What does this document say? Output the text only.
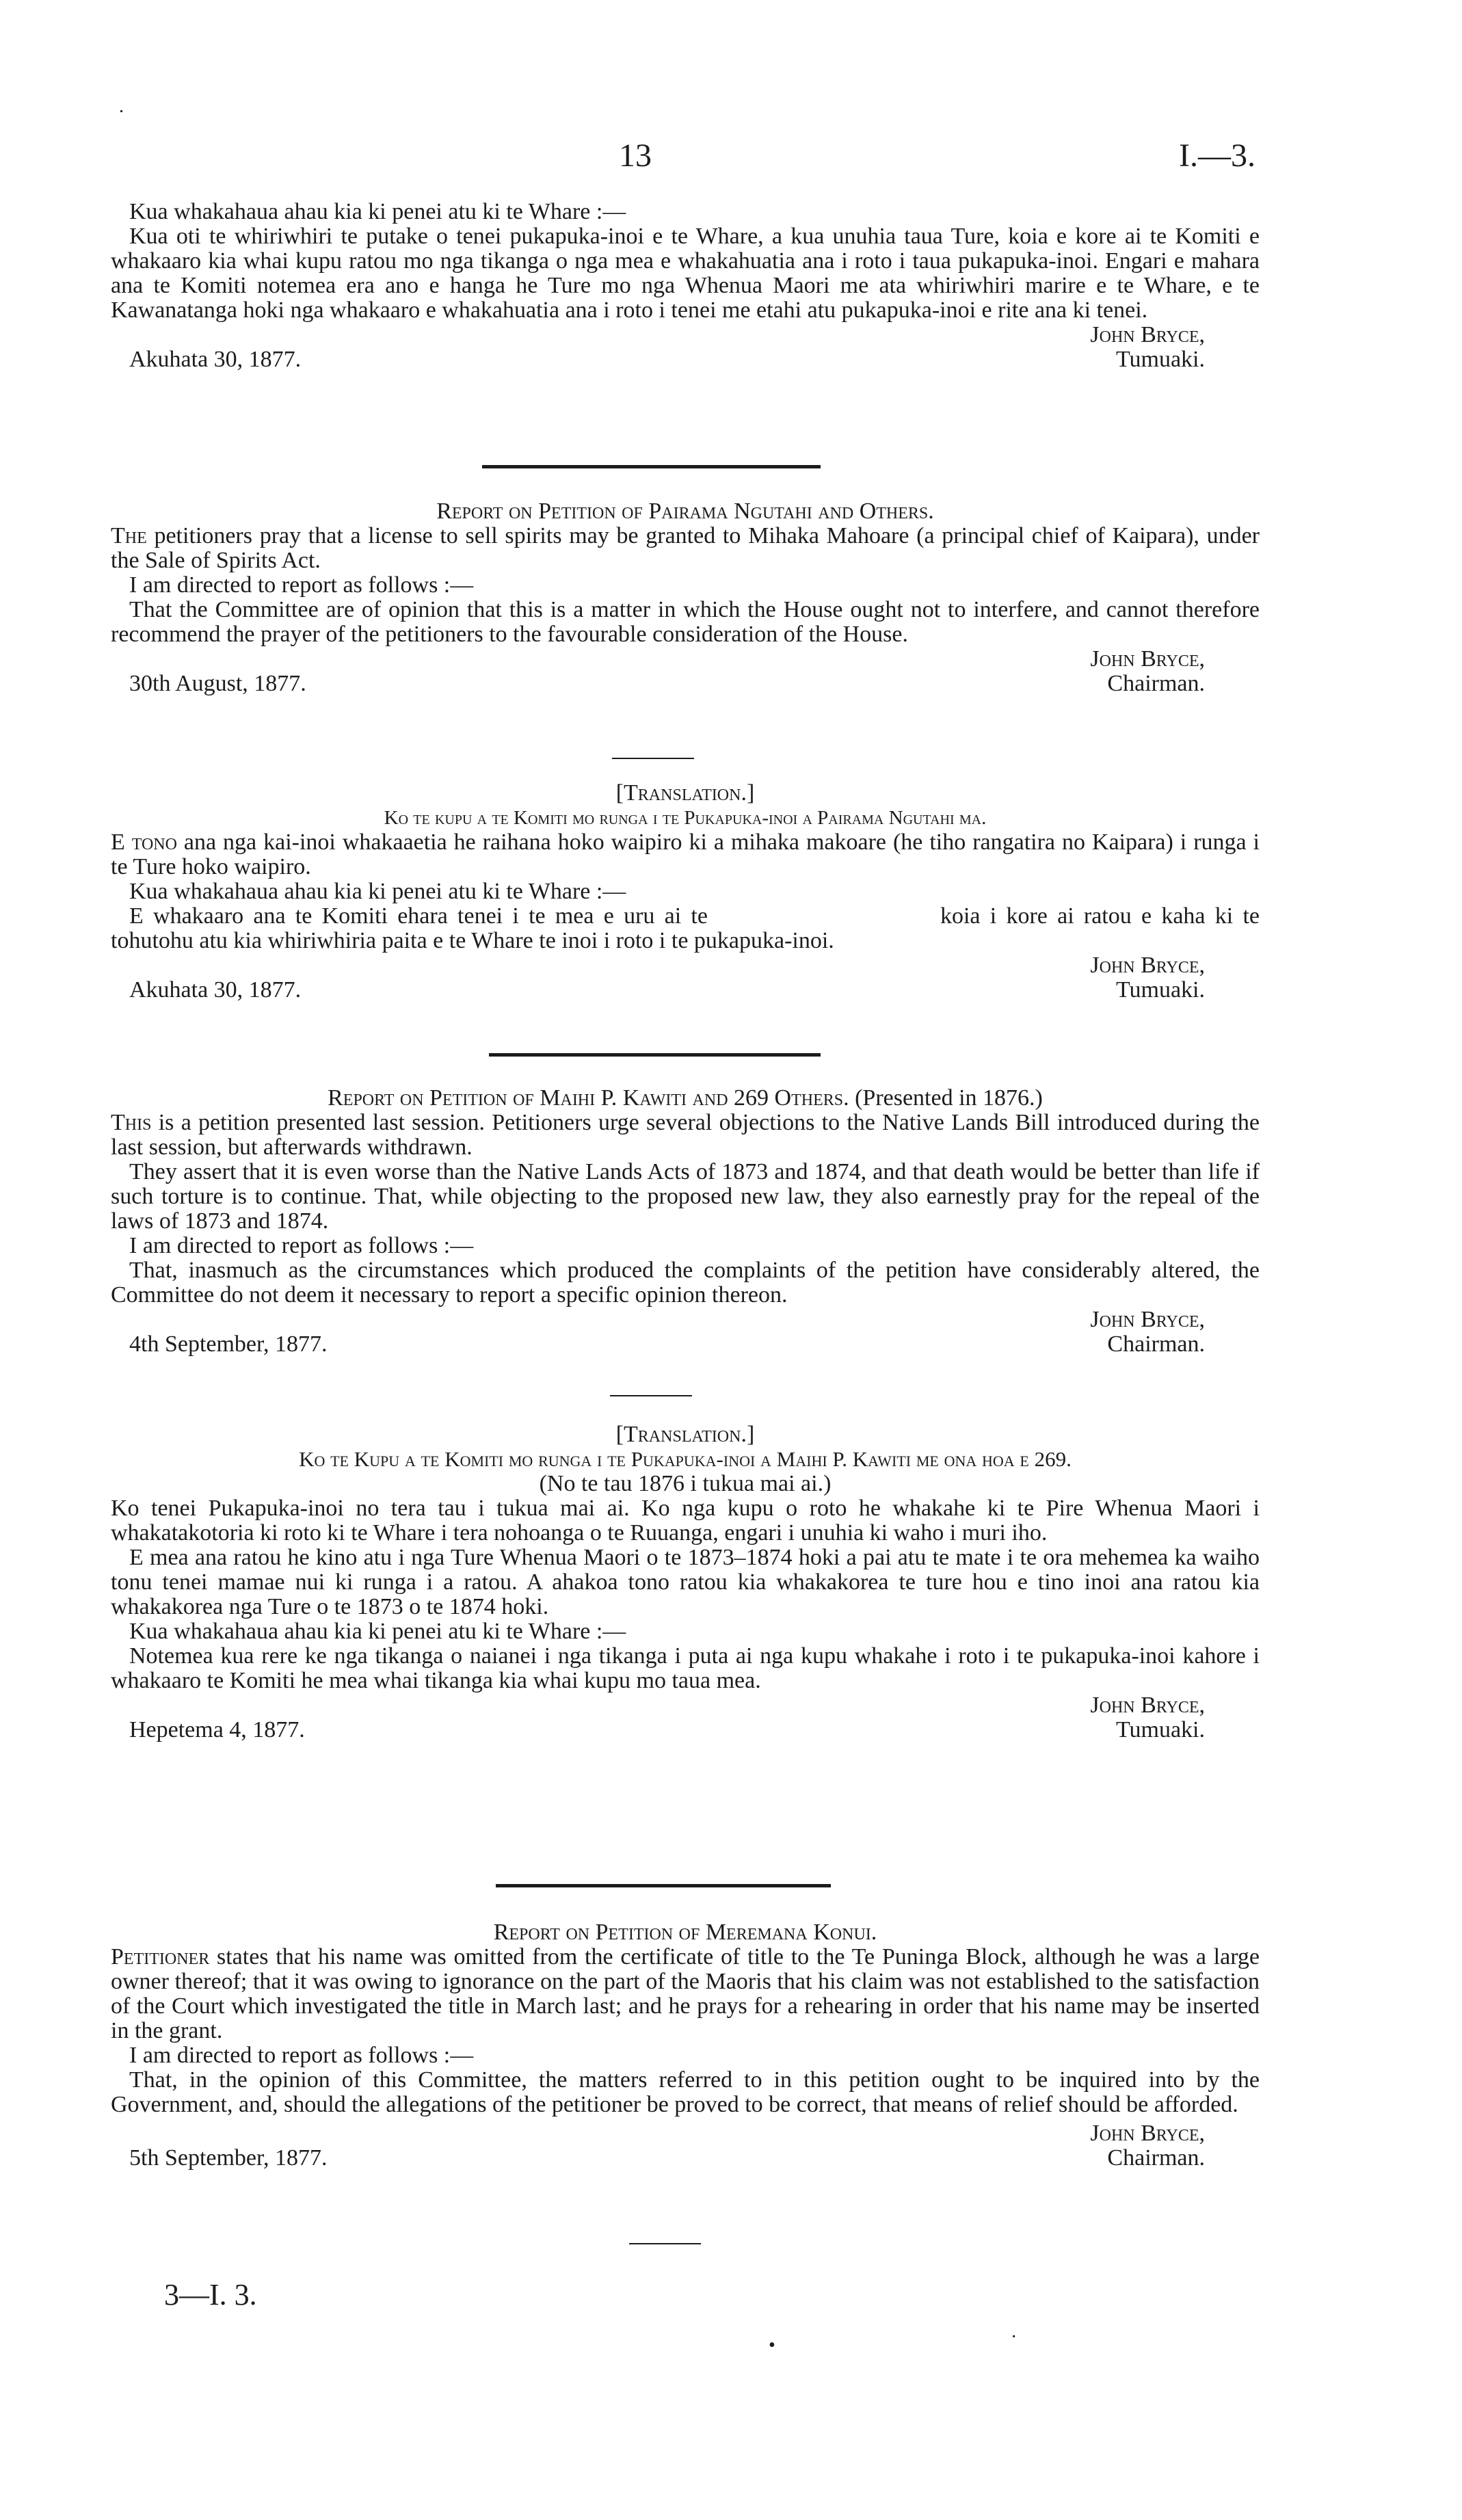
.
13	I.—3.

Kua whakahaua ahau kia ki penei atu ki te Whare :—

Kua oti te whiriwhiri te putake o tenei pukapuka-inoi e te Whare, a kua unuhia taua Ture, koia e kore ai te Komiti e whakaaro kia whai kupu ratou mo nga tikanga o nga mea e whakahuatia ana i roto i taua pukapuka-inoi. Engari e mahara ana te Komiti notemea era ano e hanga he Ture mo nga Whenua Maori me ata whiriwhiri marire e te Whare, e te Kawanatanga hoki nga whakaaro e whakahuatia ana i roto i tenei me etahi atu pukapuka-inoi e rite ana ki tenei.

John Bryce,
Akuhata 30, 1877.	Tumuaki.

Report on Petition of Pairama Ngutahi and Others.

The petitioners pray that a license to sell spirits may be granted to Mihaka Mahoare (a principal chief of Kaipara), under the Sale of Spirits Act.

I am directed to report as follows :—

That the Committee are of opinion that this is a matter in which the House ought not to interfere, and cannot therefore recommend the prayer of the petitioners to the favourable consideration of the House.

John Bryce,
30th August, 1877.	Chairman.

[Translation.]

Ko te kupu a te Komiti mo runga i te Pukapuka-inoi a Pairama Ngutahi ma.

E tono ana nga kai-inoi whakaaetia he raihana hoko waipiro ki a mihaka makoare (he tiho rangatira no Kaipara) i runga i te Ture hoko waipiro.

Kua whakahaua ahau kia ki penei atu ki te Whare :—

E whakaaro ana te Komiti ehara tenei i te mea e uru ai te	koia i kore ai ratou e kaha ki te tohutohu atu kia whiriwhiria paita e te Whare te inoi i roto i te pukapuka-inoi.

John Bryce,
Akuhata 30, 1877.	Tumuaki.

Report on Petition of Maihi P. Kawiti and 269 Others. (Presented in 1876.)

This is a petition presented last session. Petitioners urge several objections to the Native Lands Bill introduced during the last session, but afterwards withdrawn.

They assert that it is even worse than the Native Lands Acts of 1873 and 1874, and that death would be better than life if such torture is to continue. That, while objecting to the proposed new law, they also earnestly pray for the repeal of the laws of 1873 and 1874.

I am directed to report as follows :—

That, inasmuch as the circumstances which produced the complaints of the petition have considerably altered, the Committee do not deem it necessary to report a specific opinion thereon.

John Bryce,
4th September, 1877.	Chairman.

[Translation.]

Ko te Kupu a te Komiti mo runga i te Pukapuka-inoi a Maihi P. Kawiti me ona hoa e 269.

(No te tau 1876 i tukua mai ai.)

Ko tenei Pukapuka-inoi no tera tau i tukua mai ai. Ko nga kupu o roto he whakahe ki te Pire Whenua Maori i whakatakotoria ki roto ki te Whare i tera nohoanga o te Ruuanga, engari i unuhia ki waho i muri iho.

E mea ana ratou he kino atu i nga Ture Whenua Maori o te 1873–1874 hoki a pai atu te mate i te ora mehemea ka waiho tonu tenei mamae nui ki runga i a ratou. A ahakoa tono ratou kia whakakorea te ture hou e tino inoi ana ratou kia whakakorea nga Ture o te 1873 o te 1874 hoki.

Kua whakahaua ahau kia ki penei atu ki te Whare :—

Notemea kua rere ke nga tikanga o naianei i nga tikanga i puta ai nga kupu whakahe i roto i te pukapuka-inoi kahore i whakaaro te Komiti he mea whai tikanga kia whai kupu mo taua mea.

John Bryce,
Hepetema 4, 1877.	Tumuaki.

Report on Petition of Meremana Konui.

Petitioner states that his name was omitted from the certificate of title to the Te Puninga Block, although he was a large owner thereof; that it was owing to ignorance on the part of the Maoris that his claim was not established to the satisfaction of the Court which investigated the title in March last; and he prays for a rehearing in order that his name may be inserted in the grant.

I am directed to report as follows :—

That, in the opinion of this Committee, the matters referred to in this petition ought to be inquired into by the Government, and, should the allegations of the petitioner be proved to be correct, that means of relief should be afforded.

John Bryce,
5th September, 1877.	Chairman.
3—I. 3.
•	·
